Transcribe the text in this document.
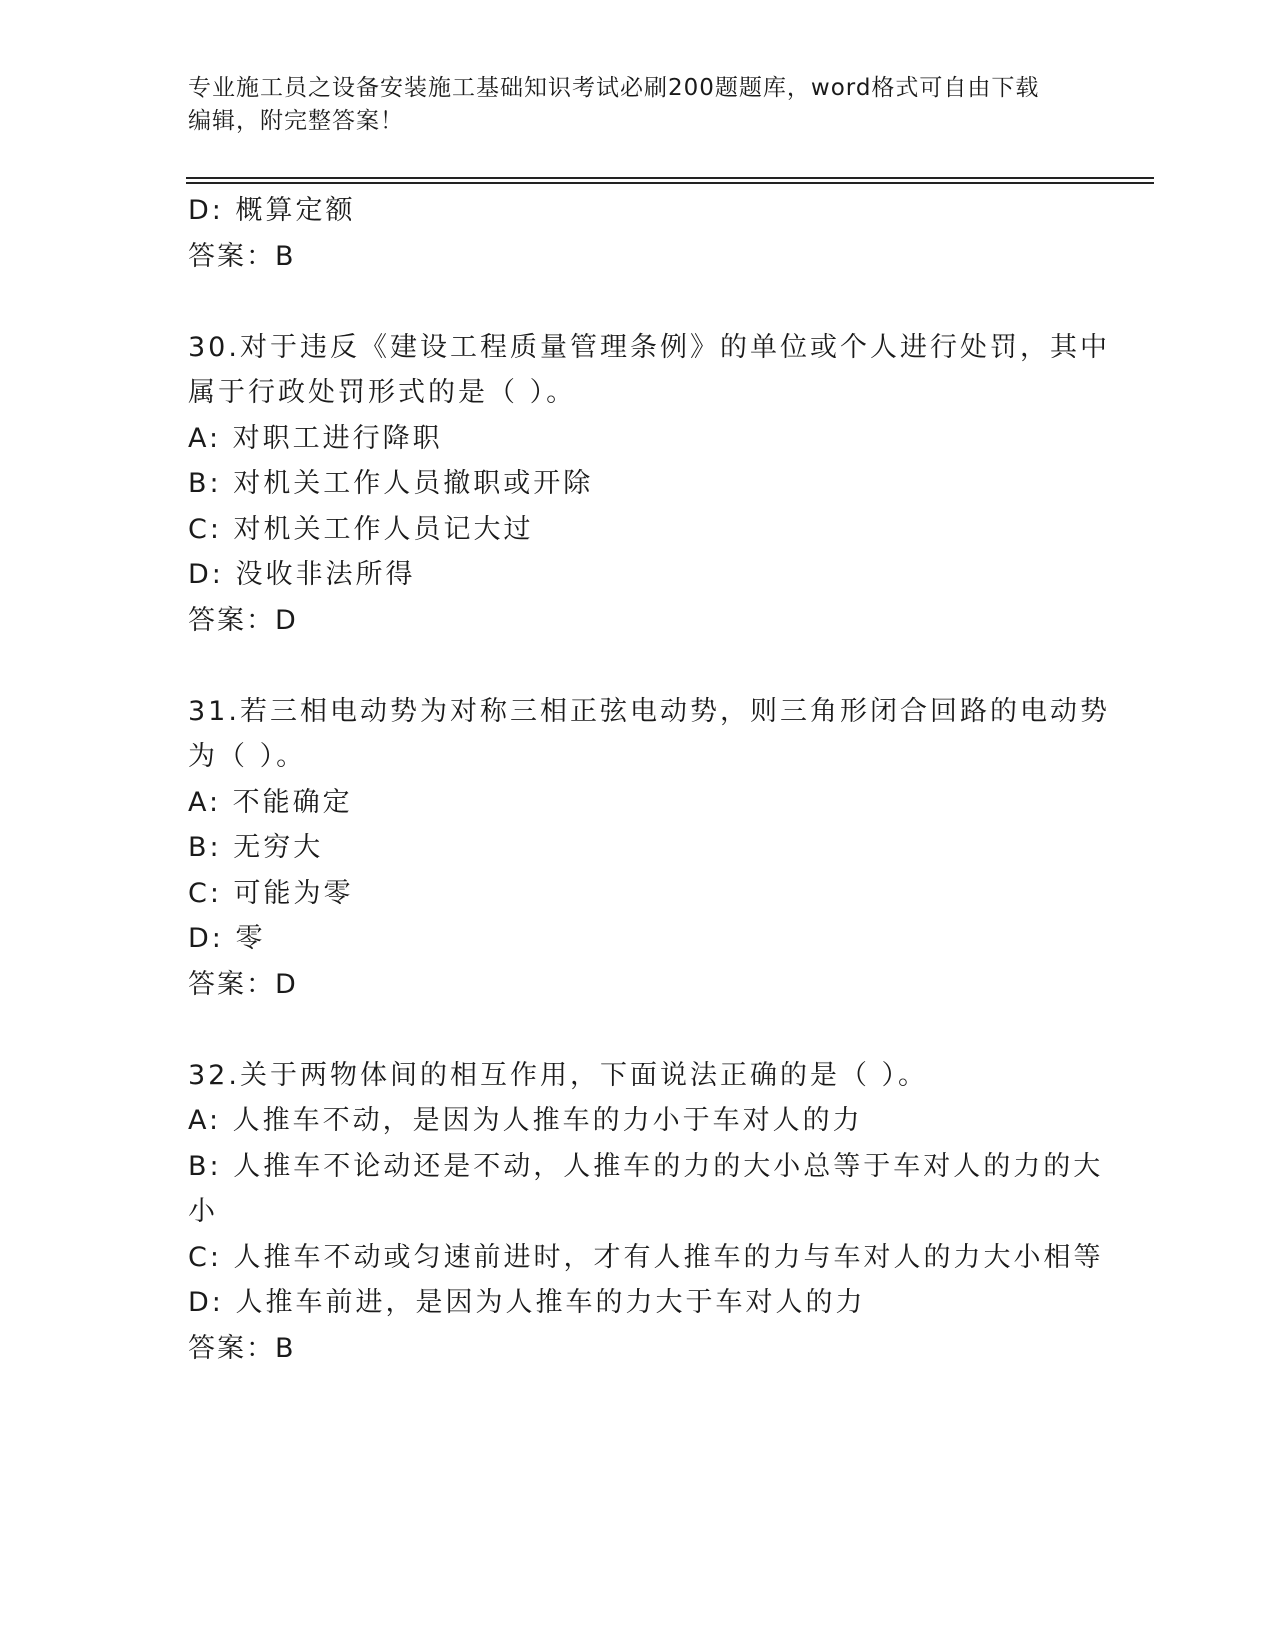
专业施工员之设备安装施工基础知识考试必刷200题题库，word格式可自由下载
编辑，附完整答案！
D: 概算定额
答案：B
30.对于违反《建设工程质量管理条例》的单位或个人进行处罚，其中
属于行政处罚形式的是（ ）。
A: 对职工进行降职
B: 对机关工作人员撤职或开除
C: 对机关工作人员记大过
D: 没收非法所得
答案：D
31.若三相电动势为对称三相正弦电动势，则三角形闭合回路的电动势
为（ ）。
A: 不能确定
B: 无穷大
C: 可能为零
D: 零
答案：D
32.关于两物体间的相互作用，下面说法正确的是（ ）。
A: 人推车不动，是因为人推车的力小于车对人的力
B: 人推车不论动还是不动，人推车的力的大小总等于车对人的力的大
小
C: 人推车不动或匀速前进时，才有人推车的力与车对人的力大小相等
D: 人推车前进，是因为人推车的力大于车对人的力
答案：B
